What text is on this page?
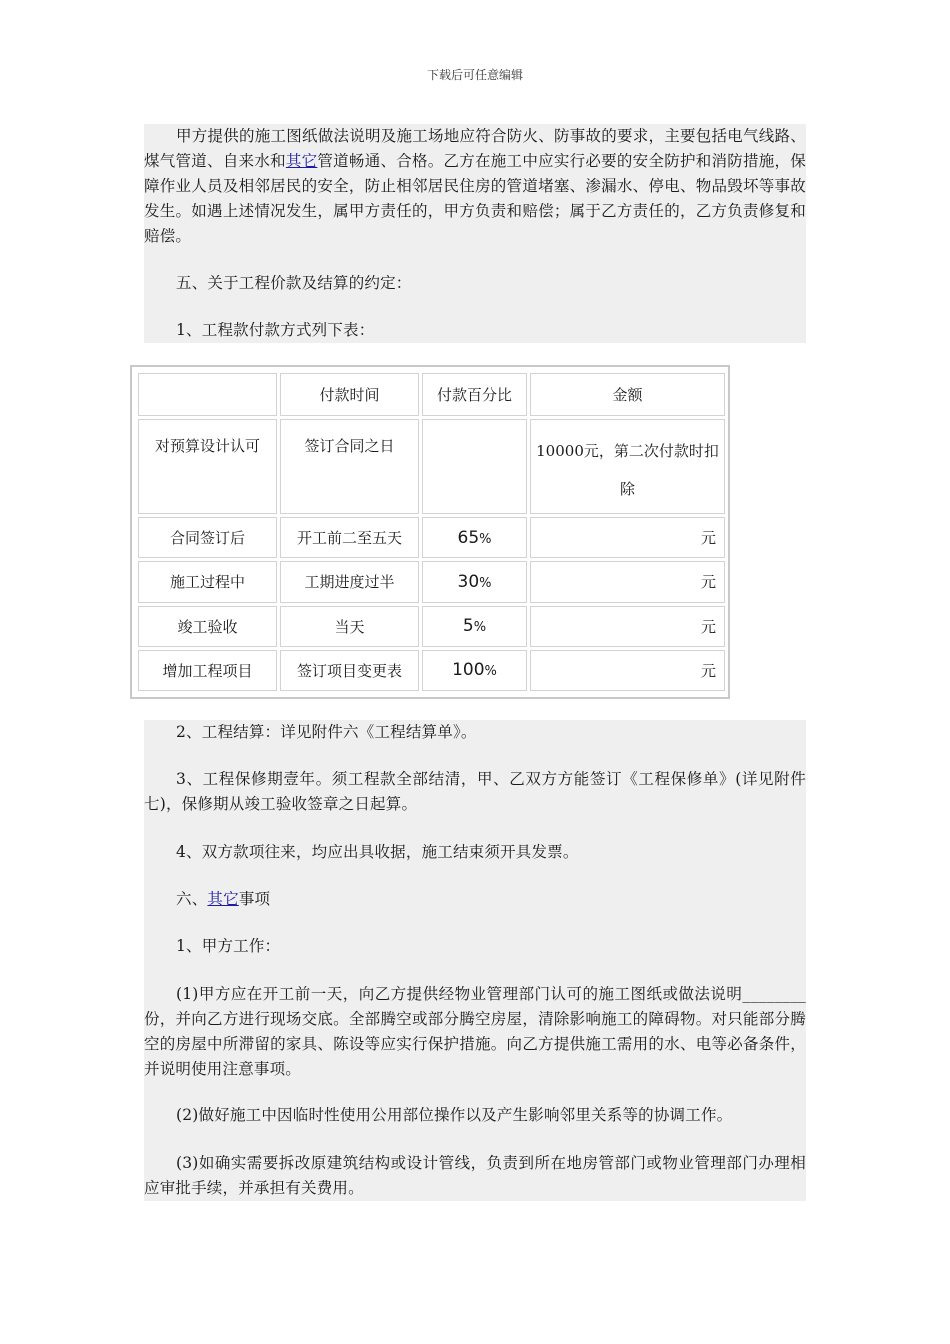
下载后可任意编辑

甲方提供的施工图纸做法说明及施工场地应符合防火、防事故的要求，主要包括电气线路、煤气管道、自来水和其它管道畅通、合格。乙方在施工中应实行必要的安全防护和消防措施，保障作业人员及相邻居民的安全，防止相邻居民住房的管道堵塞、渗漏水、停电、物品毁坏等事故发生。如遇上述情况发生，属甲方责任的，甲方负责和赔偿；属于乙方责任的，乙方负责修复和赔偿。

五、关于工程价款及结算的约定：

1、工程款付款方式列下表：

	付款时间	付款百分比	金额
对预算设计认可	签订合同之日		10000元，第二次付款时扣除
合同签订后	开工前二至五天	65%	元
施工过程中	工期进度过半	30%	元
竣工验收	当天	5%	元
增加工程项目	签订项目变更表	100%	元

2、工程结算：详见附件六《工程结算单》。

3、工程保修期壹年。须工程款全部结清，甲、乙双方方能签订《工程保修单》(详见附件七)，保修期从竣工验收签章之日起算。

4、双方款项往来，均应出具收据，施工结束须开具发票。

六、其它事项

1、甲方工作：

(1)甲方应在开工前一天，向乙方提供经物业管理部门认可的施工图纸或做法说明________份，并向乙方进行现场交底。全部腾空或部分腾空房屋，清除影响施工的障碍物。对只能部分腾空的房屋中所滞留的家具、陈设等应实行保护措施。向乙方提供施工需用的水、电等必备条件，并说明使用注意事项。

(2)做好施工中因临时性使用公用部位操作以及产生影响邻里关系等的协调工作。

(3)如确实需要拆改原建筑结构或设计管线，负责到所在地房管部门或物业管理部门办理相应审批手续，并承担有关费用。
